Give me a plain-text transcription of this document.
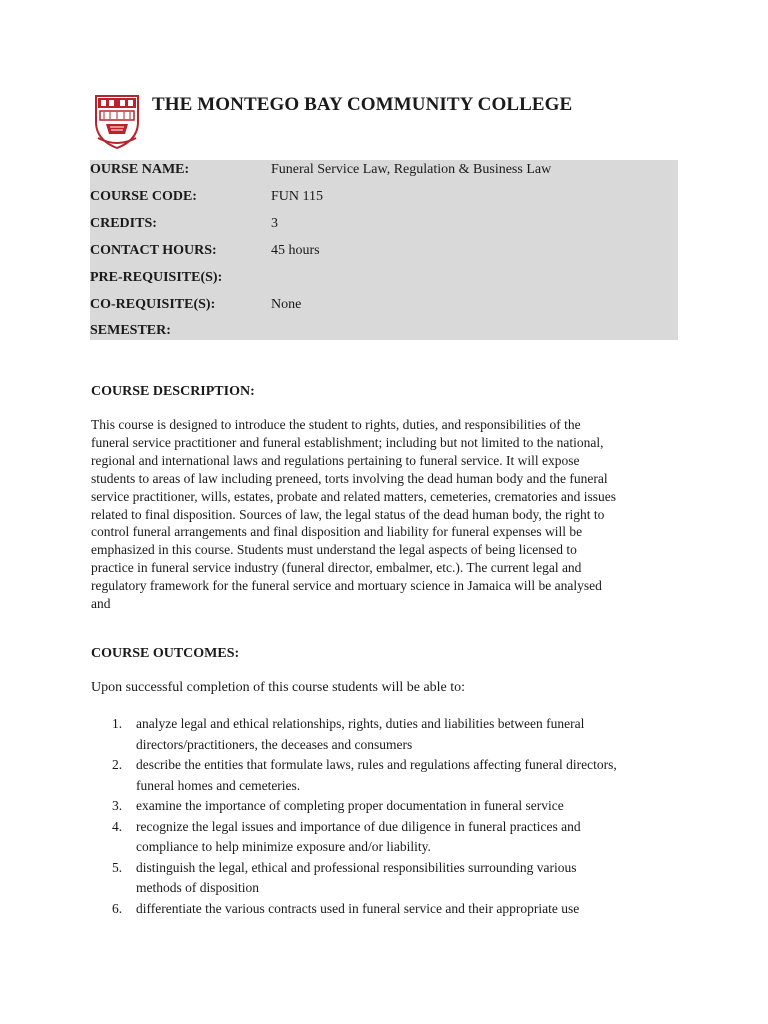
THE MONTEGO BAY COMMUNITY COLLEGE
OURSE NAME:	Funeral Service Law, Regulation & Business Law
COURSE CODE:	FUN 115
CREDITS:	3
CONTACT HOURS:	45 hours
PRE-REQUISITE(S):
CO-REQUISITE(S):	None
SEMESTER:
COURSE DESCRIPTION:
This course is designed to introduce the student to rights, duties, and responsibilities of the
funeral service practitioner and funeral establishment; including but not limited to the national,
regional and international laws and regulations pertaining to funeral service. It will expose
students to areas of law including preneed, torts involving the dead human body and the funeral
service practitioner, wills, estates, probate and related matters, cemeteries, crematories and issues
related to final disposition. Sources of law, the legal status of the dead human body, the right to
control funeral arrangements and final disposition and liability for funeral expenses will be
emphasized in this course. Students must understand the legal aspects of being licensed to
practice in funeral service industry (funeral director, embalmer, etc.). The current legal and
regulatory framework for the funeral service and mortuary science in Jamaica will be analysed
and
COURSE OUTCOMES:
Upon successful completion of this course students will be able to:
1.	analyze legal and ethical relationships, rights, duties and liabilities between funeral
directors/practitioners, the deceases and consumers
2.	describe the entities that formulate laws, rules and regulations affecting funeral directors,
funeral homes and cemeteries.
3.	examine the importance of completing proper documentation in funeral service
4.	recognize the legal issues and importance of due diligence in funeral practices and
compliance to help minimize exposure and/or liability.
5.	distinguish the legal, ethical and professional responsibilities surrounding various
methods of disposition
6.	differentiate the various contracts used in funeral service and their appropriate use
